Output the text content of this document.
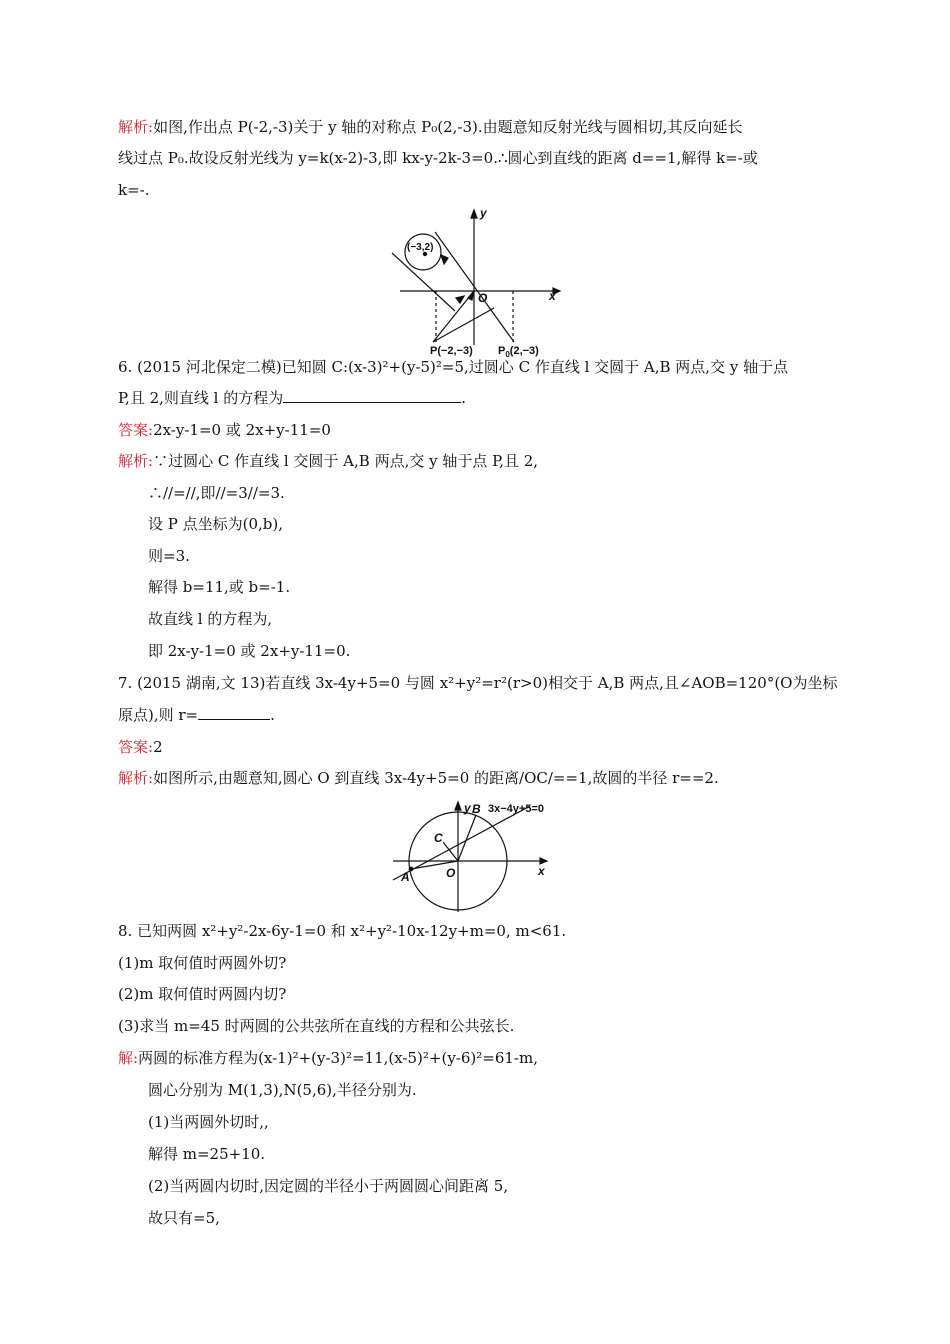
解析:如图,作出点 P(-2,-3)关于 y 轴的对称点 P₀(2,-3).由题意知反射光线与圆相切,其反向延长
线过点 P₀.故设反射光线为 y=k(x-2)-3,即 kx-y-2k-3=0.∴圆心到直线的距离 d==1,解得 k=-或
k=-.
y
x
O
(−3,2)
P(−2,−3) $P_0(2,-3)$
6. (2015 河北保定二模)已知圆 C:(x-3)²+(y-5)²=5,过圆心 C 作直线 l 交圆于 A,B 两点,交 y 轴于点
P,且 2,则直线 l 的方程为	.
答案:2x-y-1=0 或 2x+y-11=0
解析:∵过圆心 C 作直线 l 交圆于 A,B 两点,交 y 轴于点 P,且 2,
∴//=//,即//=3//=3.
设 P 点坐标为(0,b),
则=3.
解得 b=11,或 b=-1.
故直线 l 的方程为,
即 2x-y-1=0 或 2x+y-11=0.
7. (2015 湖南,文 13)若直线 3x-4y+5=0 与圆 x²+y²=r²(r>0)相交于 A,B 两点,且∠AOB=120°(O为坐标
原点),则 r=	.
答案:2
解析:如图所示,由题意知,圆心 O 到直线 3x-4y+5=0 的距离/OC/==1,故圆的半径 r==2.
y
x
O
A
B
C
3x−4y+5=0
8. 已知两圆 x²+y²-2x-6y-1=0 和 x²+y²-10x-12y+m=0, m<61.
(1)m 取何值时两圆外切?
(2)m 取何值时两圆内切?
(3)求当 m=45 时两圆的公共弦所在直线的方程和公共弦长.
解:两圆的标准方程为(x-1)²+(y-3)²=11,(x-5)²+(y-6)²=61-m,
圆心分别为 M(1,3),N(5,6),半径分别为.
(1)当两圆外切时,,
解得 m=25+10.
(2)当两圆内切时,因定圆的半径小于两圆圆心间距离 5,
故只有=5,
